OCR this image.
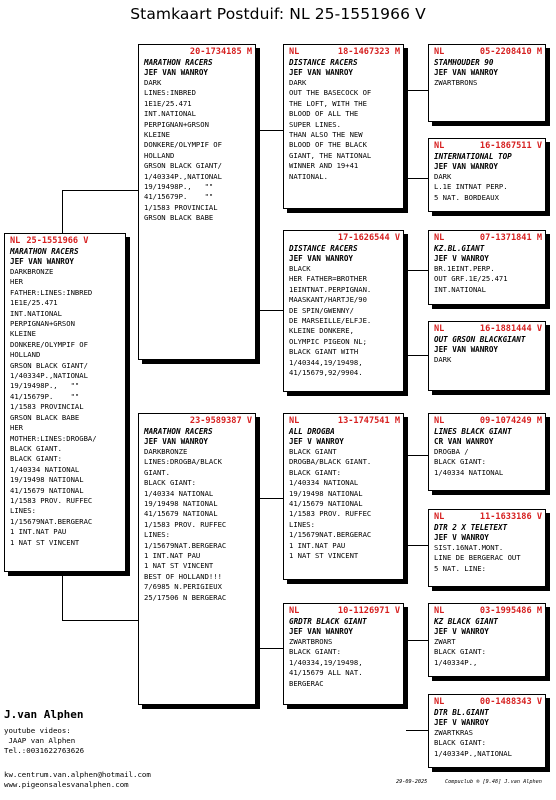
Stamkaart Postduif: NL 25-1551966 V
NL 25-1551966 V
MARATHON RACERS
JEF VAN WANROY
DARKBRONZE
HER
FATHER:LINES:INBRED
1E1E/25.471
INT.NATIONAL
PERPIGNAN+GRSON
KLEINE
DONKERE/OLYMPIF OF
HOLLAND
GRSON BLACK GIANT/
1/40334P.,NATIONAL
19/19498P.,   ""
41/15679P.    ""
1/1583 PROVINCIAL
GRSON BLACK BABE
HER
MOTHER:LINES:DROGBA/
BLACK GIANT.
BLACK GIANT:
1/40334 NATIONAL
19/19498 NATIONAL
41/15679 NATIONAL
1/1583 PROV. RUFFEC
LINES:
1/15679NAT.BERGERAC
1 INT.NAT PAU
1 NAT ST VINCENT
20-1734185 M
MARATHON RACERS
JEF VAN WANROY
DARK
LINES:INBRED
1E1E/25.471
INT.NATIONAL
PERPIGNAN+GRSON
KLEINE
DONKERE/OLYMPIF OF
HOLLAND
GRSON BLACK GIANT/
1/40334P.,NATIONAL
19/19498P.,   ""
41/15679P.    ""
1/1583 PROVINCIAL
GRSON BLACK BABE
23-9589387 V
MARATHON RACERS
JEF VAN WANROY
DARKBRONZE
LINES:DROGBA/BLACK
GIANT.
BLACK GIANT:
1/40334 NATIONAL
19/19498 NATIONAL
41/15679 NATIONAL
1/1583 PROV. RUFFEC
LINES:
1/15679NAT.BERGERAC
1 INT.NAT PAU
1 NAT ST VINCENT
BEST OF HOLLAND!!!
7/6985 N.PERIGIEUX
25/17506 N BERGERAC
NL	18-1467323 M
DISTANCE RACERS
JEF VAN WANROY
DARK
OUT THE BASECOCK OF
THE LOFT, WITH THE
BLOOD OF ALL THE
SUPER LINES.
THAN ALSO THE NEW
BLOOD OF THE BLACK
GIANT, THE NATIONAL
WINNER AND 19+41
NATIONAL.
17-1626544 V
DISTANCE RACERS
JEF VAN WANROY
BLACK
HER FATHER=BROTHER
1EINTNAT.PERPIGNAN.
MAASKANT/HARTJE/90
DE SPIN/GWENNY/
DE MARSEILLE/ELFJE.
KLEINE DONKERE,
OLYMPIC PIGEON NL;
BLACK GIANT WITH
1/40344,19/19498,
41/15679,92/9904.
NL	13-1747541 M
ALL DROGBA
JEF V WANROY
BLACK GIANT
DROGBA/BLACK GIANT.
BLACK GIANT:
1/40334 NATIONAL
19/19498 NATIONAL
41/15679 NATIONAL
1/1583 PROV. RUFFEC
LINES:
1/15679NAT.BERGERAC
1 INT.NAT PAU
1 NAT ST VINCENT
NL	10-1126971 V
GRDTR BLACK GIANT
JEF VAN WANROY
ZWARTBRONS
BLACK GIANT:
1/40334,19/19498,
41/15679 ALL NAT.
BERGERAC
NL	05-2208410 M
STAMHOUDER 90
JEF VAN WANROY
ZWARTBRONS
NL	16-1867511 V
INTERNATIONAL TOP
JEF VAN WANROY
DARK
L.1E INTNAT PERP.
5 NAT. BORDEAUX
NL	07-1371841 M
KZ.BL.GIANT
JEF V WANROY
BR.1EINT.PERP.
OUT GRF.1E/25.471
INT.NATIONAL
NL	16-1881444 V
OUT GRSON BLACKGIANT
JEF VAN WANROY
DARK
NL	09-1074249 M
LINES BLACK GIANT
CR VAN WANROY
DROGBA /
BLACK GIANT:
1/40334 NATIONAL
NL	11-1633186 V
DTR 2 X TELETEXT
JEF V WANROY
SIST.16NAT.MONT.
LINE DE BERGERAC OUT
5 NAT. LINE:
NL	03-1995486 M
KZ BLACK GIANT
JEF V WANROY
ZWART
BLACK GIANT:
1/40334P.,
NL	00-1488343 V
DTR BL.GIANT
JEF V WANROY
ZWARTKRAS
BLACK GIANT:
1/40334P.,NATIONAL
J.van Alphen
youtube videos:
JAAP van Alphen
Tel.:0031622763626
kw.centrum.van.alphen@hotmail.com
www.pigeonsalesvanalphen.com	29-09-2025	Compuclub ® [9.48] J.van Alphen
